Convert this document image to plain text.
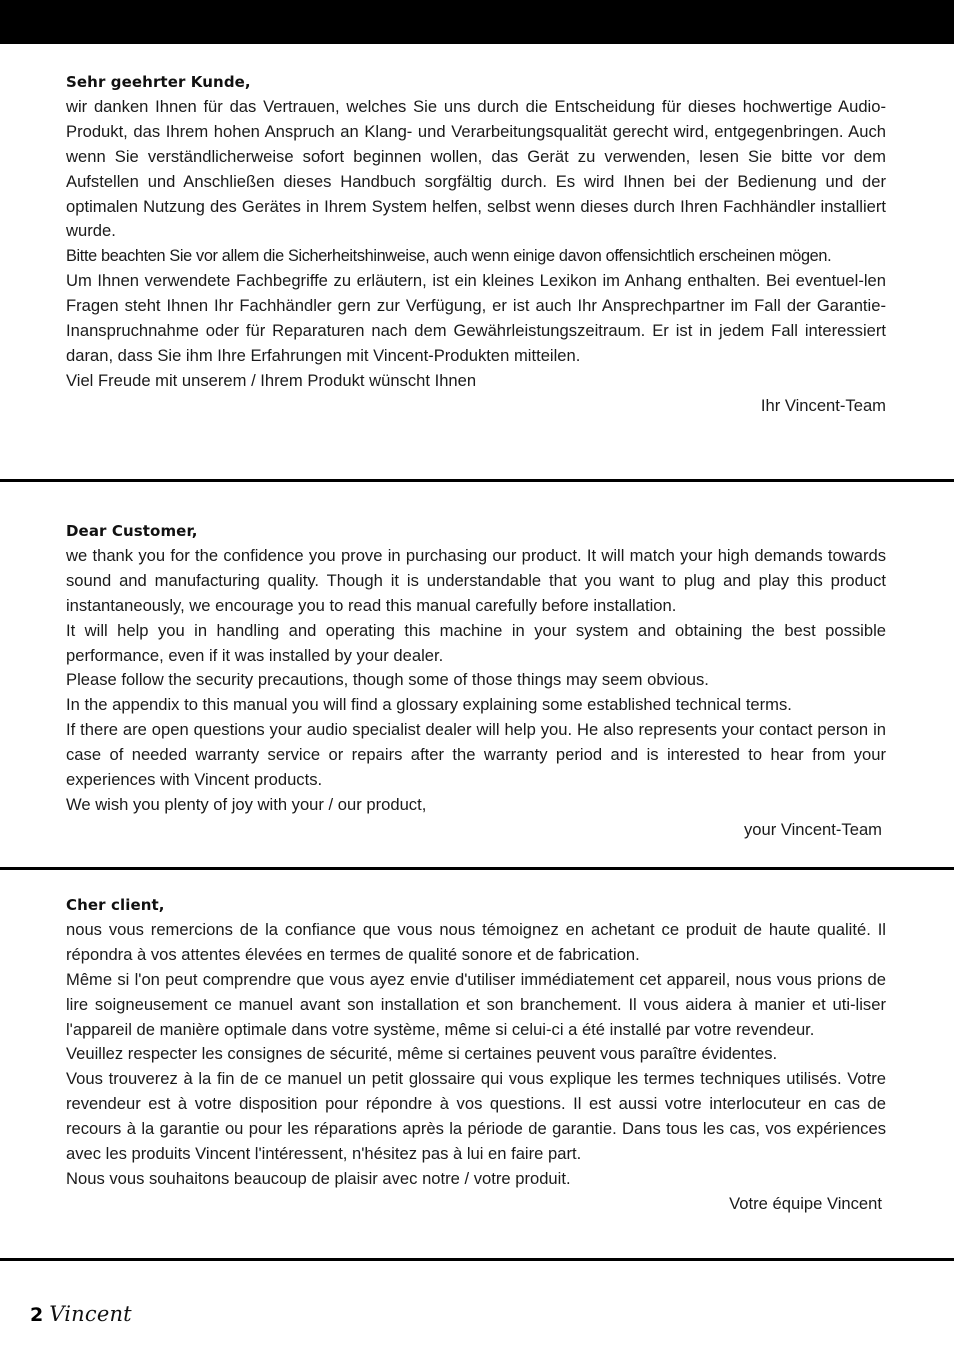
Sehr geehrter Kunde,

wir danken Ihnen für das Vertrauen, welches Sie uns durch die Entscheidung für dieses hochwertige Audio-Produkt, das Ihrem hohen Anspruch an Klang- und Verarbeitungsqualität gerecht wird, entgegenbringen. Auch wenn Sie verständlicherweise sofort beginnen wollen, das Gerät zu verwenden, lesen Sie bitte vor dem Aufstellen und Anschließen dieses Handbuch sorgfältig durch. Es wird Ihnen bei der Bedienung und der optimalen Nutzung des Gerätes in Ihrem System helfen, selbst wenn dieses durch Ihren Fachhändler installiert wurde.

Bitte beachten Sie vor allem die Sicherheitshinweise, auch wenn einige davon offensichtlich erscheinen mögen.

Um Ihnen verwendete Fachbegriffe zu erläutern, ist ein kleines Lexikon im Anhang enthalten. Bei eventuel-len Fragen steht Ihnen Ihr Fachhändler gern zur Verfügung, er ist auch Ihr Ansprechpartner im Fall der Garantie-Inanspruchnahme oder für Reparaturen nach dem Gewährleistungszeitraum. Er ist in jedem Fall interessiert daran, dass Sie ihm Ihre Erfahrungen mit Vincent-Produkten mitteilen.

Viel Freude mit unserem / Ihrem Produkt wünscht Ihnen

Ihr Vincent-Team

Dear Customer,

we thank you for the confidence you prove in purchasing our product. It will match your high demands towards sound and manufacturing quality. Though it is understandable that you want to plug and play this product instantaneously, we encourage you to read this manual carefully before installation.

It will help you in handling and operating this machine in your system and obtaining the best possible performance, even if it was installed by your dealer.

Please follow the security precautions, though some of those things may seem obvious.

In the appendix to this manual you will find a glossary explaining some established technical terms.

If there are open questions your audio specialist dealer will help you. He also represents your contact person in case of needed warranty service or repairs after the warranty period and is interested to hear from your experiences with Vincent products.

We wish you plenty of joy with your / our product,

your Vincent-Team

Cher client,

nous vous remercions de la confiance que vous nous témoignez en achetant ce produit de haute qualité. Il répondra à vos attentes élevées en termes de qualité sonore et de fabrication.

Même si l'on peut comprendre que vous ayez envie d'utiliser immédiatement cet appareil, nous vous prions de lire soigneusement ce manuel avant son installation et son branchement. Il vous aidera à manier et uti-liser l'appareil de manière optimale dans votre système, même si celui-ci a été installé par votre revendeur.

Veuillez respecter les consignes de sécurité, même si certaines peuvent vous paraître évidentes.

Vous trouverez à la fin de ce manuel un petit glossaire qui vous explique les termes techniques utilisés. Votre revendeur est à votre disposition pour répondre à vos questions. Il est aussi votre interlocuteur en cas de recours à la garantie ou pour les réparations après la période de garantie. Dans tous les cas, vos expériences avec les produits Vincent l'intéressent, n'hésitez pas à lui en faire part.

Nous vous souhaitons beaucoup de plaisir avec notre / votre produit.

Votre équipe Vincent

2 Vincent
